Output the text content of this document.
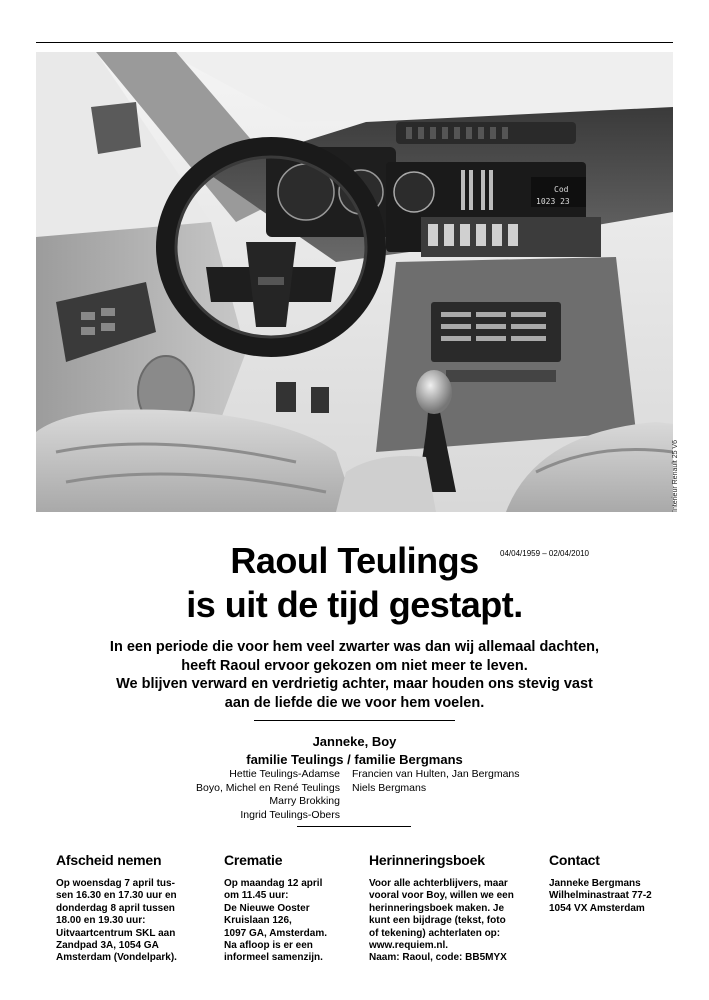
Cod
1023 23
Interieur Renault 25 V6
Raoul Teulings	04/04/1959 – 02/04/2010
is uit de tijd gestapt.
In een periode die voor hem veel zwarter was dan wij allemaal dachten,
heeft Raoul ervoor gekozen om niet meer te leven.
We blijven verward en verdrietig achter, maar houden ons stevig vast
aan de liefde die we voor hem voelen.
Janneke, Boy
familie Teulings / familie Bergmans
Hettie Teulings-Adamse
Boyo, Michel en René Teulings
Marry Brokking
Ingrid Teulings-Obers
Francien van Hulten, Jan Bergmans
Niels Bergmans
Afscheid nemen
Op woensdag 7 april tus-
sen 16.30 en 17.30 uur en
donderdag 8 april tussen
18.00 en 19.30 uur:
Uitvaartcentrum SKL aan
Zandpad 3A, 1054 GA
Amsterdam (Vondelpark).
Crematie
Op maandag 12 april
om 11.45 uur:
De Nieuwe Ooster
Kruislaan 126,
1097 GA, Amsterdam.
Na afloop is er een
informeel samenzijn.
Herinneringsboek
Voor alle achterblijvers, maar
vooral voor Boy, willen we een
herinneringsboek maken. Je
kunt een bijdrage (tekst, foto
of tekening) achterlaten op:
www.requiem.nl.
Naam: Raoul, code: BB5MYX
Contact
Janneke Bergmans
Wilhelminastraat 77-2
1054 VX Amsterdam
